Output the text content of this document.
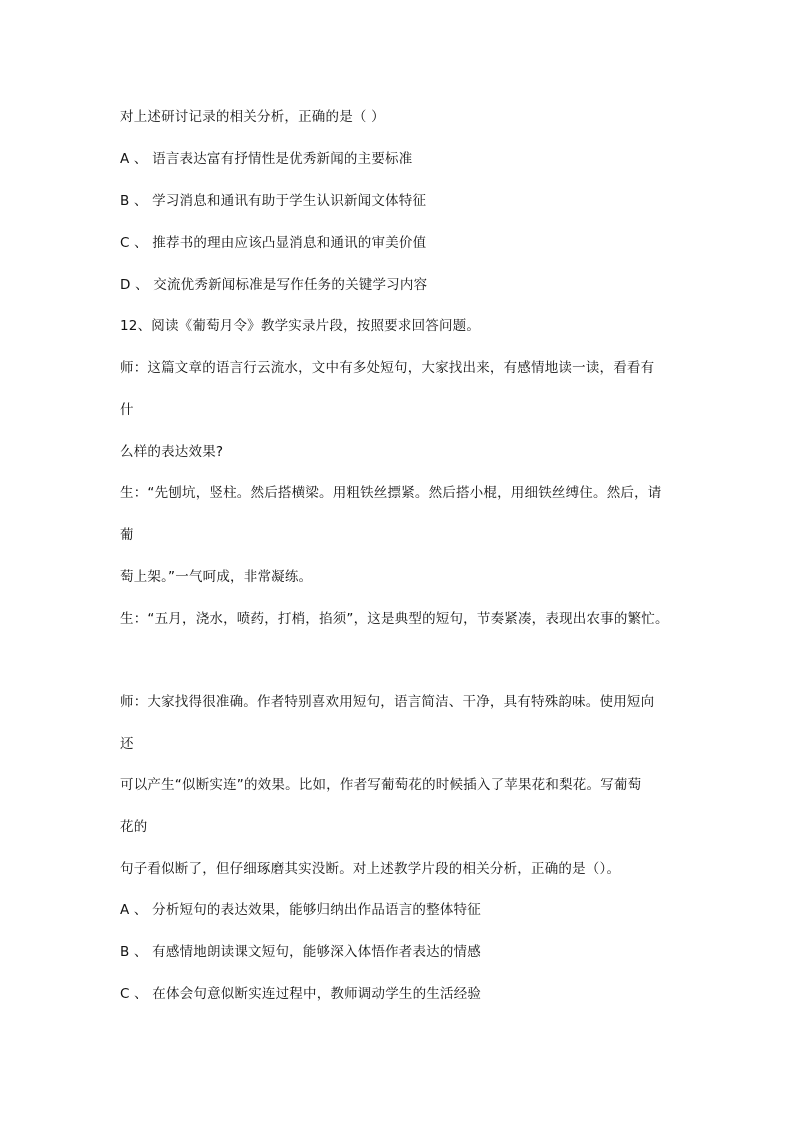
对上述研讨记录的相关分析，正确的是（ ）
A 、 语言表达富有抒情性是优秀新闻的主要标准
B 、 学习消息和通讯有助于学生认识新闻文体特征
C 、 推荐书的理由应该凸显消息和通讯的审美价值
D 、 交流优秀新闻标准是写作任务的关键学习内容
12、阅读《葡萄月令》教学实录片段，按照要求回答问题。
师：这篇文章的语言行云流水，文中有多处短句，大家找出来，有感情地读一读，看看有
什
么样的表达效果?
生：“先刨坑，竖柱。然后搭横梁。用粗铁丝摽紧。然后搭小棍，用细铁丝缚住。然后，请
葡
萄上架。”一气呵成，非常凝练。
生：“五月，浇水，喷药，打梢，掐须”，这是典型的短句，节奏紧凑，表现出农事的繁忙。
师：大家找得很准确。作者特别喜欢用短句，语言简洁、干净，具有特殊韵味。使用短向
还
可以产生“似断实连”的效果。比如，作者写葡萄花的时候插入了苹果花和梨花。写葡萄
花的
句子看似断了，但仔细琢磨其实没断。对上述教学片段的相关分析，正确的是（）。
A 、 分析短句的表达效果，能够归纳出作品语言的整体特征
B 、 有感情地朗读课文短句，能够深入体悟作者表达的情感
C 、 在体会句意似断实连过程中，教师调动学生的生活经验
